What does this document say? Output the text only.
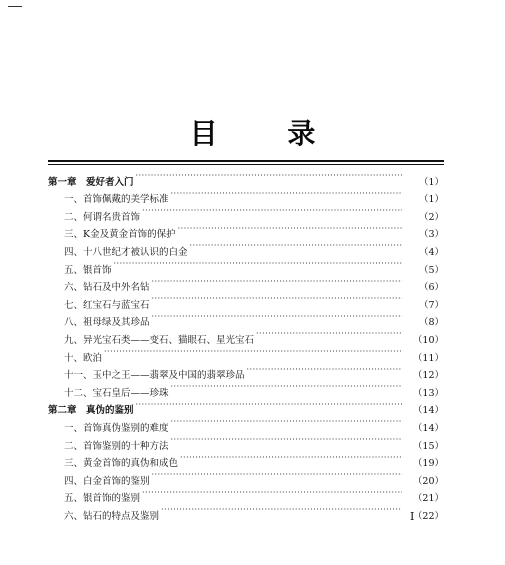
目 录
第一章　爱好者入门 ·····	（1）
一、首饰佩戴的美学标准 ·····	（1）
二、何谓名贵首饰 ·····	（2）
三、K金及黄金首饰的保护 ·····	（3）
四、十八世纪才被认识的白金 ·····	（4）
五、银首饰 ·····	（5）
六、钻石及中外名钻 ·····	（6）
七、红宝石与蓝宝石 ·····	（7）
八、祖母绿及其珍品 ·····	（8）
九、异光宝石类——变石、猫眼石、星光宝石 ·····	（10）
十、欧泊 ·····	（11）
十一、玉中之王——翡翠及中国的翡翠珍品 ·····	（12）
十二、宝石皇后——珍珠 ·····	（13）
第二章　真伪的鉴别 ·····	（14）
一、首饰真伪鉴别的难度 ·····	（14）
二、首饰鉴别的十种方法 ·····	（15）
三、黄金首饰的真伪和成色 ·····	（19）
四、白金首饰的鉴别 ·····	（20）
五、银首饰的鉴别 ·····	（21）
六、钻石的特点及鉴别 ·····	（22）
I
